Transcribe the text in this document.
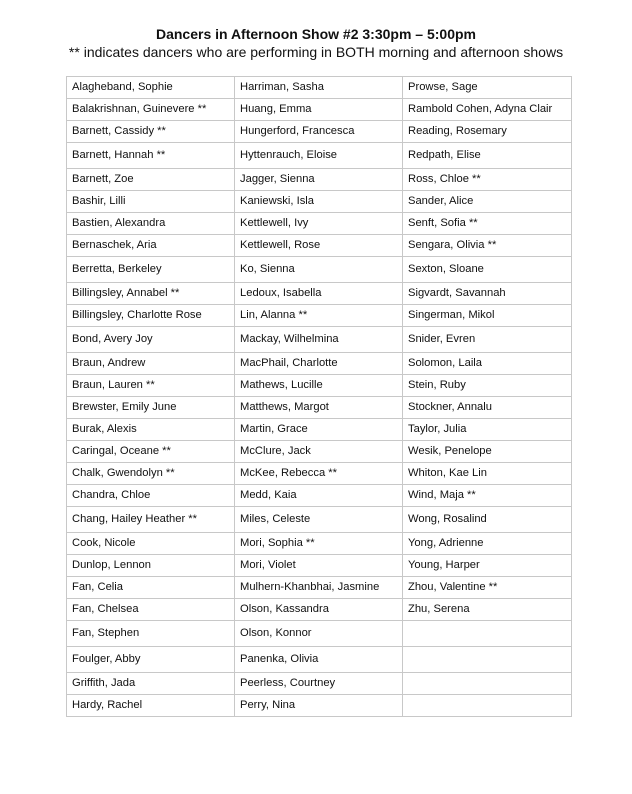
Dancers in Afternoon Show #2 3:30pm – 5:00pm
** indicates dancers who are performing in BOTH morning and afternoon shows
Alagheband, Sophie	Harriman, Sasha	Prowse, Sage
Balakrishnan, Guinevere **	Huang, Emma	Rambold Cohen, Adyna Clair
Barnett, Cassidy **	Hungerford, Francesca	Reading, Rosemary
Barnett, Hannah **	Hyttenrauch, Eloise	Redpath, Elise
Barnett, Zoe	Jagger, Sienna	Ross, Chloe **
Bashir, Lilli	Kaniewski, Isla	Sander, Alice
Bastien, Alexandra	Kettlewell, Ivy	Senft, Sofia **
Bernaschek, Aria	Kettlewell, Rose	Sengara, Olivia **
Berretta, Berkeley	Ko, Sienna	Sexton, Sloane
Billingsley, Annabel **	Ledoux, Isabella	Sigvardt, Savannah
Billingsley, Charlotte Rose	Lin, Alanna **	Singerman, Mikol
Bond, Avery Joy	Mackay, Wilhelmina	Snider, Evren
Braun, Andrew	MacPhail, Charlotte	Solomon, Laila
Braun, Lauren **	Mathews, Lucille	Stein, Ruby
Brewster, Emily June	Matthews, Margot	Stockner, Annalu
Burak, Alexis	Martin, Grace	Taylor, Julia
Caringal, Oceane **	McClure, Jack	Wesik, Penelope
Chalk, Gwendolyn **	McKee, Rebecca **	Whiton, Kae Lin
Chandra, Chloe	Medd, Kaia	Wind, Maja **
Chang, Hailey Heather **	Miles, Celeste	Wong, Rosalind
Cook, Nicole	Mori, Sophia **	Yong, Adrienne
Dunlop, Lennon	Mori, Violet	Young, Harper
Fan, Celia	Mulhern-Khanbhai, Jasmine	Zhou, Valentine **
Fan, Chelsea	Olson, Kassandra	Zhu, Serena
Fan, Stephen	Olson, Konnor	
Foulger, Abby	Panenka, Olivia	
Griffith, Jada	Peerless, Courtney	
Hardy, Rachel	Perry, Nina	
